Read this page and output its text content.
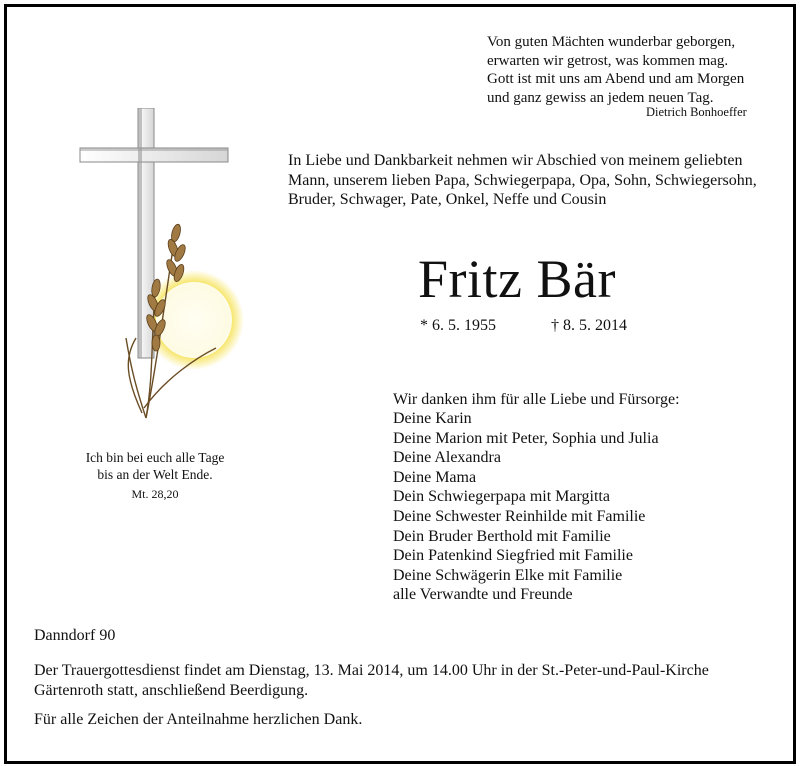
Von guten Mächten wunderbar geborgen,
erwarten wir getrost, was kommen mag.
Gott ist mit uns am Abend und am Morgen
und ganz gewiss an jedem neuen Tag.
Dietrich Bonhoeffer
In Liebe und Dankbarkeit nehmen wir Abschied von meinem geliebten Mann, unserem lieben Papa, Schwiegerpapa, Opa, Sohn, Schwiegersohn, Bruder, Schwager, Pate, Onkel, Neffe und Cousin
Fritz Bär
* 6. 5. 1955	† 8. 5. 2014
Wir danken ihm für alle Liebe und Fürsorge:
Deine Karin
Deine Marion mit Peter, Sophia und Julia
Deine Alexandra
Deine Mama
Dein Schwiegerpapa mit Margitta
Deine Schwester Reinhilde mit Familie
Dein Bruder Berthold mit Familie
Dein Patenkind Siegfried mit Familie
Deine Schwägerin Elke mit Familie
alle Verwandte und Freunde
Ich bin bei euch alle Tage
bis an der Welt Ende.
Mt. 28,20
Danndorf 90
Der Trauergottesdienst findet am Dienstag, 13. Mai 2014, um 14.00 Uhr in der St.-Peter-und-Paul-Kirche Gärtenroth statt, anschließend Beerdigung.
Für alle Zeichen der Anteilnahme herzlichen Dank.
